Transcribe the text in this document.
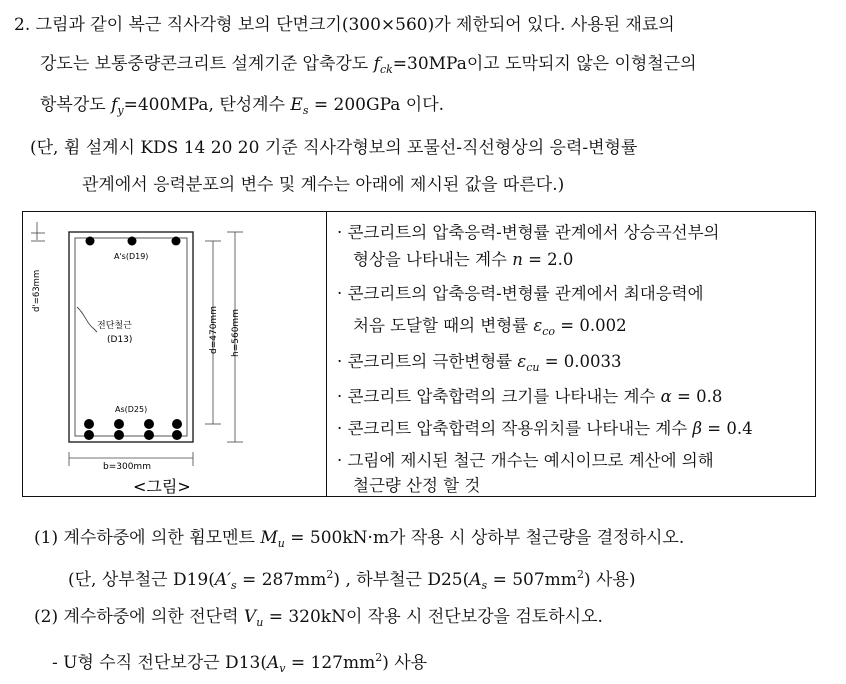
2. 그림과 같이 복근 직사각형 보의 단면크기(300×560)가 제한되어 있다. 사용된 재료의
강도는 보통중량콘크리트 설계기준 압축강도 $f_{ck}=30MPa$이고 도막되지 않은 이형철근의
항복강도 $f_y=400MPa$, 탄성계수 $E_s = 200GPa$ 이다.
(단, 휨 설계시 KDS 14 20 20 기준 직사각형보의 포물선-직선형상의 응력-변형률
관계에서 응력분포의 변수 및 계수는 아래에 제시된 값을 따른다.)
A's(D19)
As(D25)
전단철근
(D13)
d'=63mm
d=470mm h=560mm
b=300mm
<그림>
· 콘크리트의 압축응력-변형률 관계에서 상승곡선부의
형상을 나타내는 계수 n = 2.0
· 콘크리트의 압축응력-변형률 관계에서 최대응력에
처음 도달할 때의 변형률 $\varepsilon_{co} = 0.002$
· 콘크리트의 극한변형률 $\varepsilon_{cu} = 0.0033$
· 콘크리트 압축합력의 크기를 나타내는 계수 α = 0.8
· 콘크리트 압축합력의 작용위치를 나타내는 계수 β = 0.4
· 그림에 제시된 철근 개수는 예시이므로 계산에 의해
철근량 산정 할 것
(1) 계수하중에 의한 휨모멘트 $M_u = 500kN\cdot m$가 작용 시 상하부 철근량을 결정하시오.
(단, 상부철근 $D19(A'_s = 287mm^2)$ , 하부철근 $D25(A_s = 507mm^2)$ 사용)
(2) 계수하중에 의한 전단력 $V_u = 320kN$이 작용 시 전단보강을 검토하시오.
- U형 수직 전단보강근 $D13(A_v = 127mm^2)$ 사용
